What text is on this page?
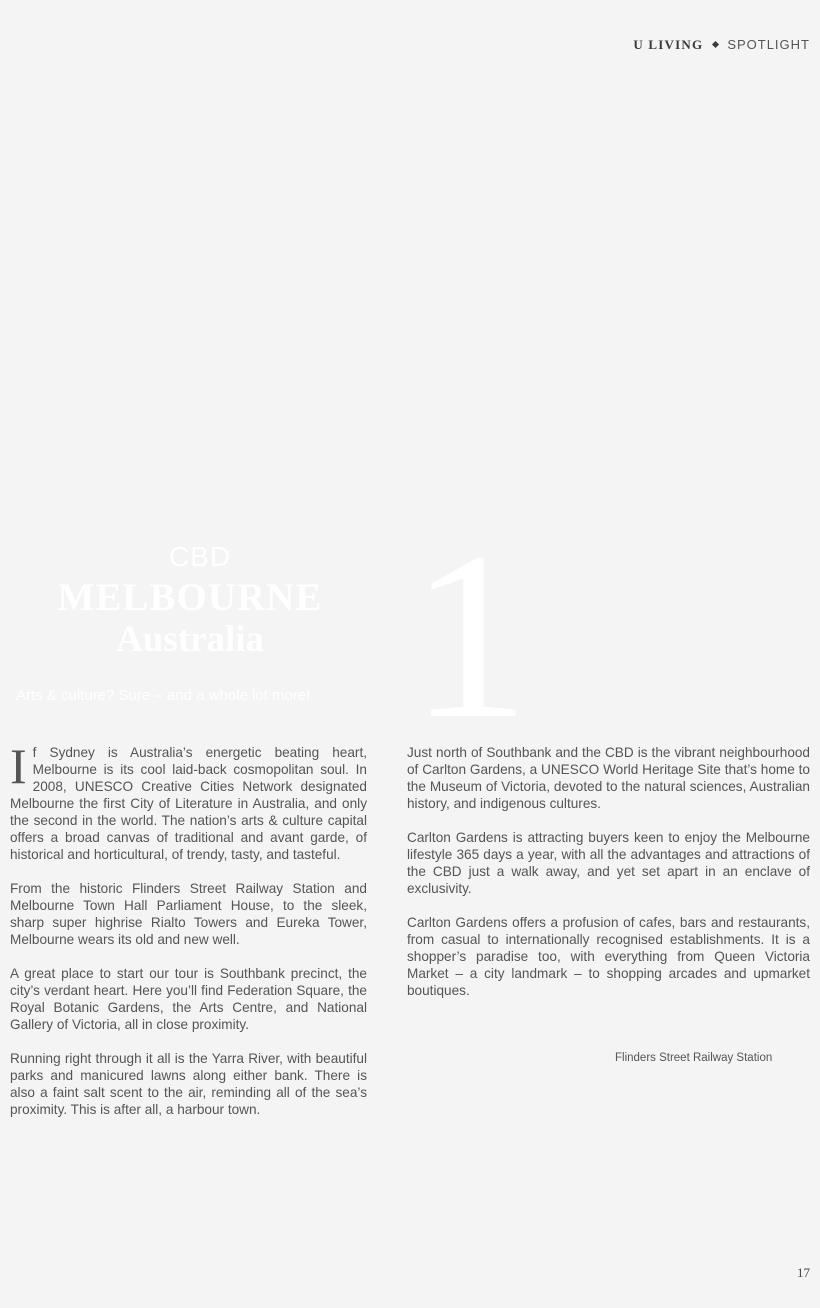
U LIVING SPOTLIGHT
CBD
MELBOURNE
Australia 1
Arts & culture? Sure – and a whole lot more!

If Sydney is Australia’s energetic beating heart, Melbourne is its cool laid-back cosmopolitan soul. In 2008, UNESCO Creative Cities Network designated Melbourne the first City of Literature in Australia, and only the second in the world. The nation’s arts & culture capital offers a broad canvas of traditional and avant garde, of historical and horticultural, of trendy, tasty, and tasteful.

From the historic Flinders Street Railway Station and Melbourne Town Hall Parliament House, to the sleek, sharp super highrise Rialto Towers and Eureka Tower, Melbourne wears its old and new well.

A great place to start our tour is Southbank precinct, the city’s verdant heart. Here you’ll find Federation Square, the Royal Botanic Gardens, the Arts Centre, and National Gallery of Victoria, all in close proximity.

Running right through it all is the Yarra River, with beautiful parks and manicured lawns along either bank. There is also a faint salt scent to the air, reminding all of the sea’s proximity. This is after all, a harbour town.

Just north of Southbank and the CBD is the vibrant neighbourhood of Carlton Gardens, a UNESCO World Heritage Site that’s home to the Museum of Victoria, devoted to the natural sciences, Australian history, and indigenous cultures.

Carlton Gardens is attracting buyers keen to enjoy the Melbourne lifestyle 365 days a year, with all the advantages and attractions of the CBD just a walk away, and yet set apart in an enclave of exclusivity.

Carlton Gardens offers a profusion of cafes, bars and restaurants, from casual to internationally recognised establishments. It is a shopper’s paradise too, with everything from Queen Victoria Market – a city landmark – to shopping arcades and upmarket boutiques.

Flinders Street Railway Station
17
